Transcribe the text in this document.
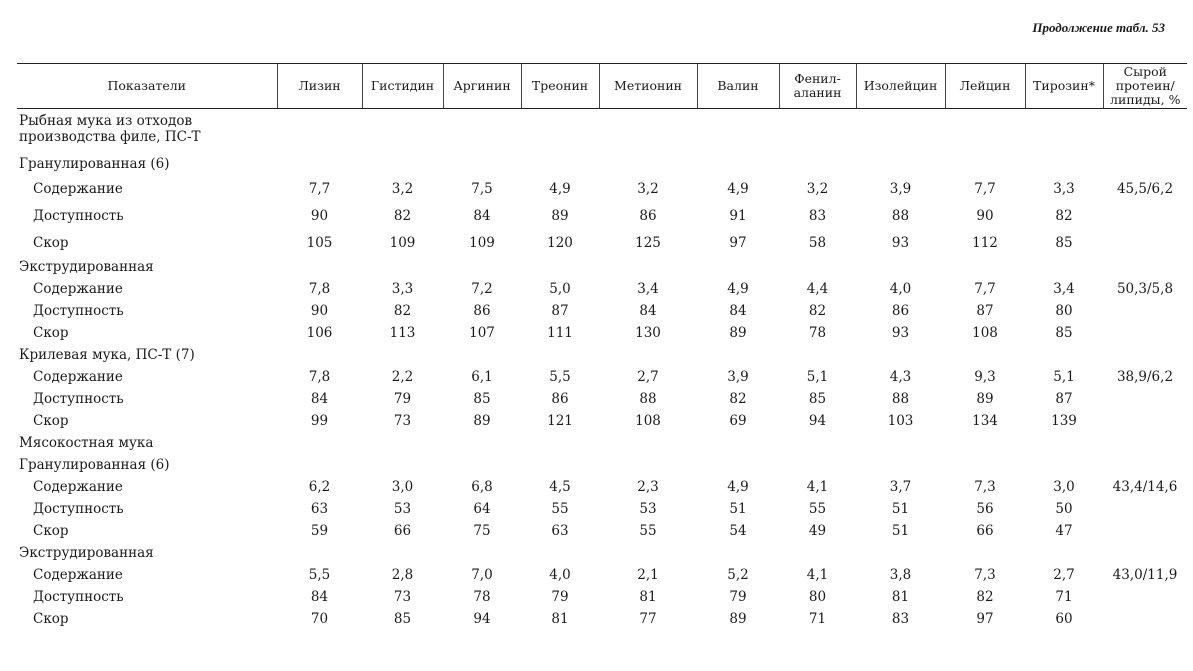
Продолжение табл. 53
Показатели	Лизин	Гистидин	Аргинин	Треонин	Метионин	Валин	Фенил-аланин	Изолейцин	Лейцин	Тирозин*	Сырой протеин/ липиды, %
Рыбная мука из отходов производства филе, ПС-Т											
Гранулированная (6)											
Содержание	7,7	3,2	7,5	4,9	3,2	4,9	3,2	3,9	7,7	3,3	45,5/6,2
Доступность	90	82	84	89	86	91	83	88	90	82	
Скор	105	109	109	120	125	97	58	93	112	85	
Экструдированная											
Содержание	7,8	3,3	7,2	5,0	3,4	4,9	4,4	4,0	7,7	3,4	50,3/5,8
Доступность	90	82	86	87	84	84	82	86	87	80	
Скор	106	113	107	111	130	89	78	93	108	85	
Крилевая мука, ПС-Т (7)											
Содержание	7,8	2,2	6,1	5,5	2,7	3,9	5,1	4,3	9,3	5,1	38,9/6,2
Доступность	84	79	85	86	88	82	85	88	89	87	
Скор	99	73	89	121	108	69	94	103	134	139	
Мясокостная мука											
Гранулированная (6)											
Содержание	6,2	3,0	6,8	4,5	2,3	4,9	4,1	3,7	7,3	3,0	43,4/14,6
Доступность	63	53	64	55	53	51	55	51	56	50	
Скор	59	66	75	63	55	54	49	51	66	47	
Экструдированная											
Содержание	5,5	2,8	7,0	4,0	2,1	5,2	4,1	3,8	7,3	2,7	43,0/11,9
Доступность	84	73	78	79	81	79	80	81	82	71	
Скор	70	85	94	81	77	89	71	83	97	60	
